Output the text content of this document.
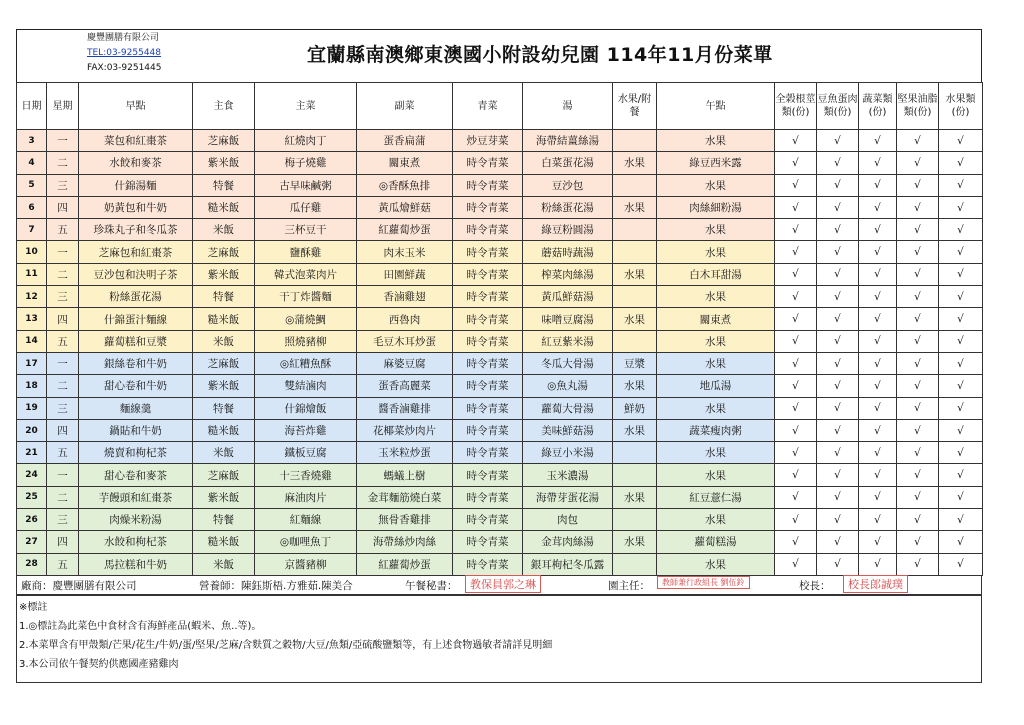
慶豐團膳有限公司
TEL:03-9255448
FAX:03-9251445
宜蘭縣南澳鄉東澳國小附設幼兒園 114年11月份菜單
日期	星期	早點	主食	主菜	副菜	青菜	湯	水果/附餐	午點	全榖根莖類(份)	豆魚蛋肉類(份)	蔬菜類(份)	堅果油脂類(份)	水果類(份)
3	一	菜包和紅棗茶	芝麻飯	紅燒肉丁	蛋香扁蒲	炒豆芽菜	海帶結薑絲湯		水果	√	√	√	√	√
4	二	水餃和麥茶	紫米飯	梅子燒雞	關東煮	時令青菜	白菜蛋花湯	水果	綠豆西米露	√	√	√	√	√
5	三	什錦湯麵	特餐	古早味鹹粥	◎香酥魚排	時令青菜	豆沙包		水果	√	√	√	√	√
6	四	奶黃包和牛奶	糙米飯	瓜仔雞	黃瓜燴鮮菇	時令青菜	粉絲蛋花湯	水果	肉絲細粉湯	√	√	√	√	√
7	五	珍珠丸子和冬瓜茶	米飯	三杯豆干	紅蘿蔔炒蛋	時令青菜	綠豆粉圓湯		水果	√	√	√	√	√
10	一	芝麻包和紅棗茶	芝麻飯	鹽酥雞	肉末玉米	時令青菜	蘑菇時蔬湯		水果	√	√	√	√	√
11	二	豆沙包和決明子茶	紫米飯	韓式泡菜肉片	田園鮮蔬	時令青菜	榨菜肉絲湯	水果	白木耳甜湯	√	√	√	√	√
12	三	粉絲蛋花湯	特餐	干丁炸醬麵	香滷雞翅	時令青菜	黃瓜鮮菇湯		水果	√	√	√	√	√
13	四	什錦蛋汁麵線	糙米飯	◎蒲燒鯛	西魯肉	時令青菜	味噌豆腐湯	水果	關東煮	√	√	√	√	√
14	五	蘿蔔糕和豆漿	米飯	照燒豬柳	毛豆木耳炒蛋	時令青菜	紅豆紫米湯		水果	√	√	√	√	√
17	一	銀絲卷和牛奶	芝麻飯	◎紅糟魚酥	麻婆豆腐	時令青菜	冬瓜大骨湯	豆漿	水果	√	√	√	√	√
18	二	甜心卷和牛奶	紫米飯	雙結滷肉	蛋香高麗菜	時令青菜	◎魚丸湯	水果	地瓜湯	√	√	√	√	√
19	三	麵線羹	特餐	什錦燴飯	醬香滷雞排	時令青菜	蘿蔔大骨湯	鮮奶	水果	√	√	√	√	√
20	四	鍋貼和牛奶	糙米飯	海苔炸雞	花椰菜炒肉片	時令青菜	美味鮮菇湯	水果	蔬菜瘦肉粥	√	√	√	√	√
21	五	燒賣和枸杞茶	米飯	鐵板豆腐	玉米粒炒蛋	時令青菜	綠豆小米湯		水果	√	√	√	√	√
24	一	甜心卷和麥茶	芝麻飯	十三香燒雞	螞蟻上樹	時令青菜	玉米濃湯		水果	√	√	√	√	√
25	二	芋饅頭和紅棗茶	紫米飯	麻油肉片	金茸麵筋燒白菜	時令青菜	海帶芽蛋花湯	水果	紅豆薏仁湯	√	√	√	√	√
26	三	肉燥米粉湯	特餐	紅麵線	無骨香雞排	時令青菜	肉包		水果	√	√	√	√	√
27	四	水餃和枸杞茶	糙米飯	◎咖哩魚丁	海帶絲炒肉絲	時令青菜	金茸肉絲湯	水果	蘿蔔糕湯	√	√	√	√	√
28	五	馬拉糕和牛奶	米飯	京醬豬柳	紅蘿蔔炒蛋	時令青菜	銀耳枸杞冬瓜露		水果	√	√	√	√	√
廠商：慶豐團膳有限公司	營養師：陳鈺斯梧.方雅茹.陳美合	午餐秘書：	教保員郭之琳	園主任：	教師兼行政組長 劉伍鈴	校長：	校長郎誠璞
※標註
1.◎標註為此菜色中食材含有海鮮產品(蝦米、魚..等)。
2.本菜單含有甲殼類/芒果/花生/牛奶/蛋/堅果/芝麻/含麩質之穀物/大豆/魚類/亞硫酸鹽類等，有上述食物過敏者請詳見明細
3.本公司依午餐契約供應國產豬雞肉
